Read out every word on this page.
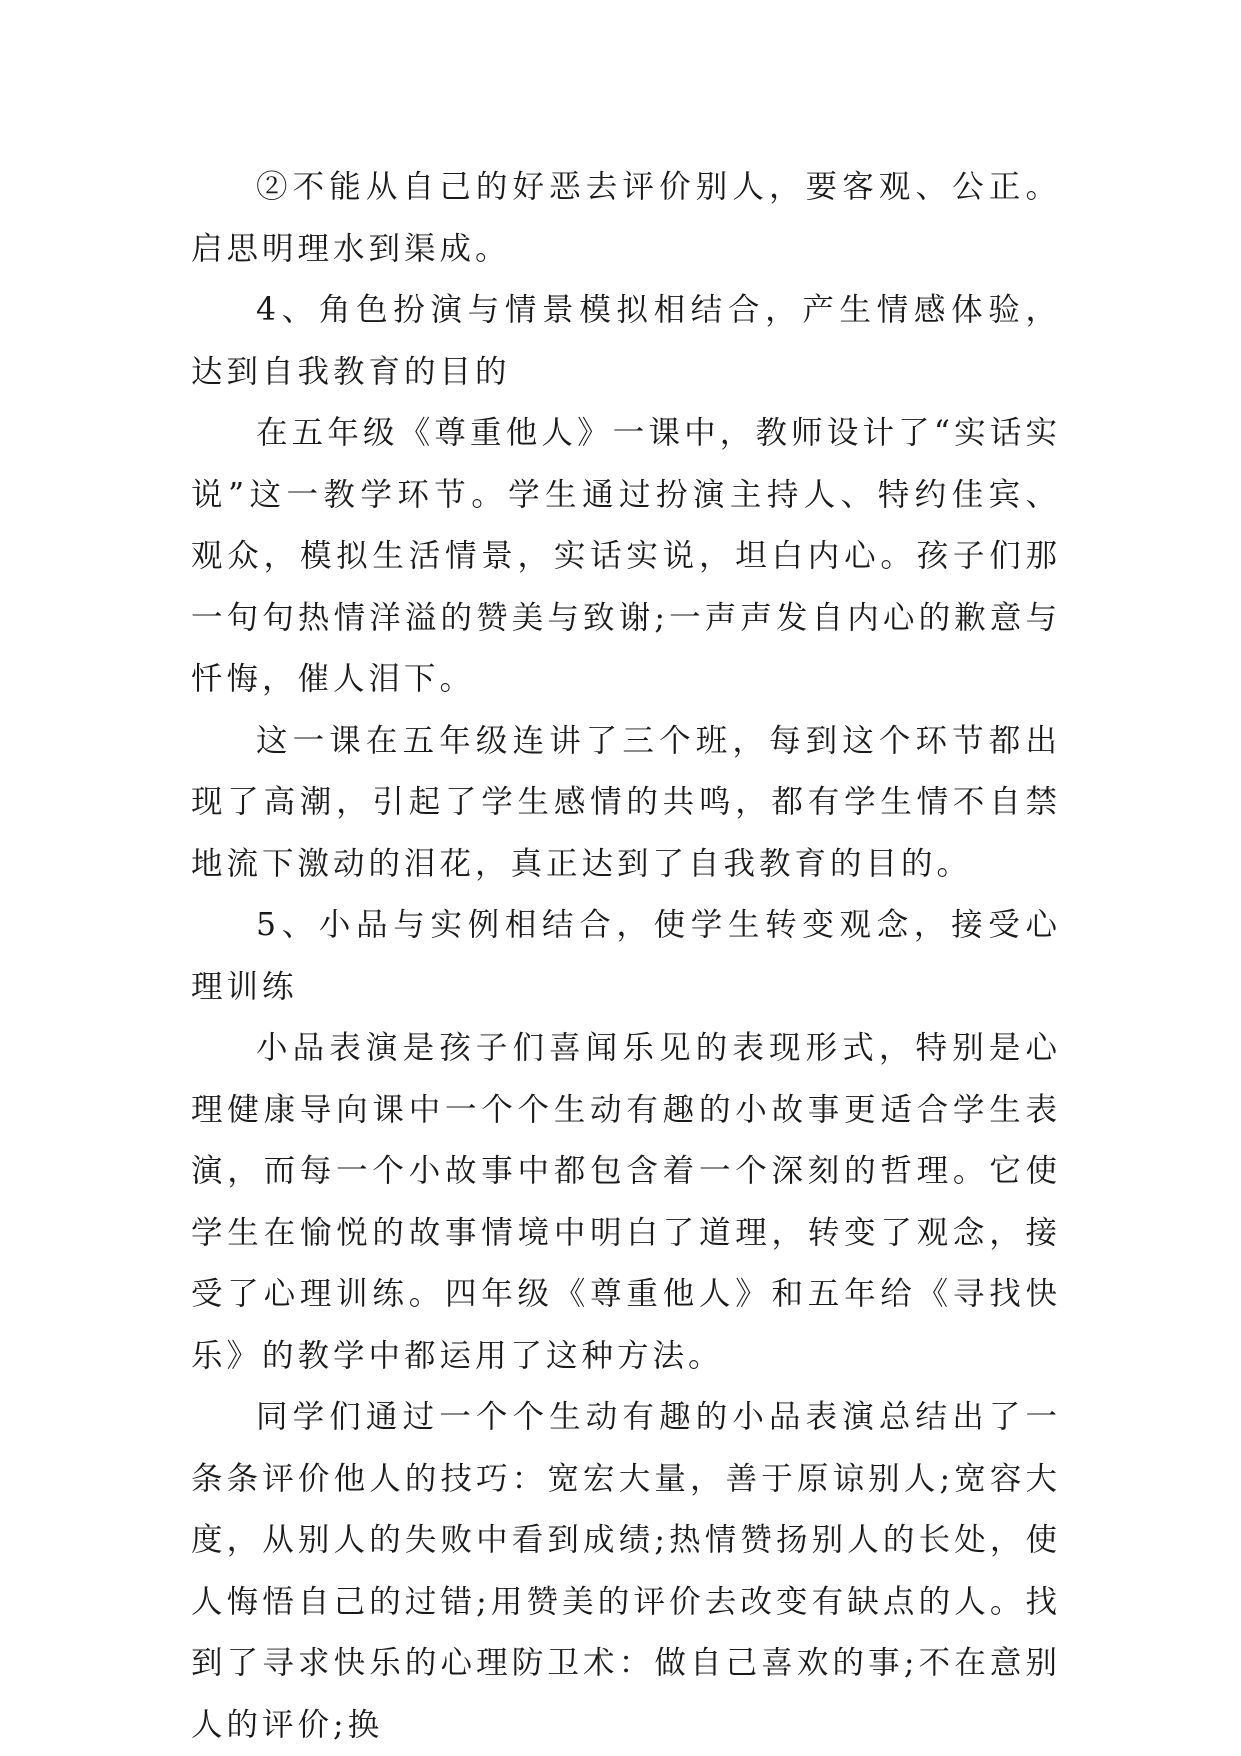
②不能从自己的好恶去评价别人，要客观、公正。启思明理水到渠成。

4、角色扮演与情景模拟相结合，产生情感体验，达到自我教育的目的

在五年级《尊重他人》一课中，教师设计了“实话实说”这一教学环节。学生通过扮演主持人、特约佳宾、观众，模拟生活情景，实话实说，坦白内心。孩子们那一句句热情洋溢的赞美与致谢;一声声发自内心的歉意与忏悔，催人泪下。

这一课在五年级连讲了三个班，每到这个环节都出现了高潮，引起了学生感情的共鸣，都有学生情不自禁地流下激动的泪花，真正达到了自我教育的目的。

5、小品与实例相结合，使学生转变观念，接受心理训练

小品表演是孩子们喜闻乐见的表现形式，特别是心理健康导向课中一个个生动有趣的小故事更适合学生表演，而每一个小故事中都包含着一个深刻的哲理。它使学生在愉悦的故事情境中明白了道理，转变了观念，接受了心理训练。四年级《尊重他人》和五年给《寻找快乐》的教学中都运用了这种方法。

同学们通过一个个生动有趣的小品表演总结出了一条条评价他人的技巧：宽宏大量，善于原谅别人;宽容大度，从别人的失败中看到成绩;热情赞扬别人的长处，使人悔悟自己的过错;用赞美的评价去改变有缺点的人。找到了寻求快乐的心理防卫术：做自己喜欢的事;不在意别人的评价;换
